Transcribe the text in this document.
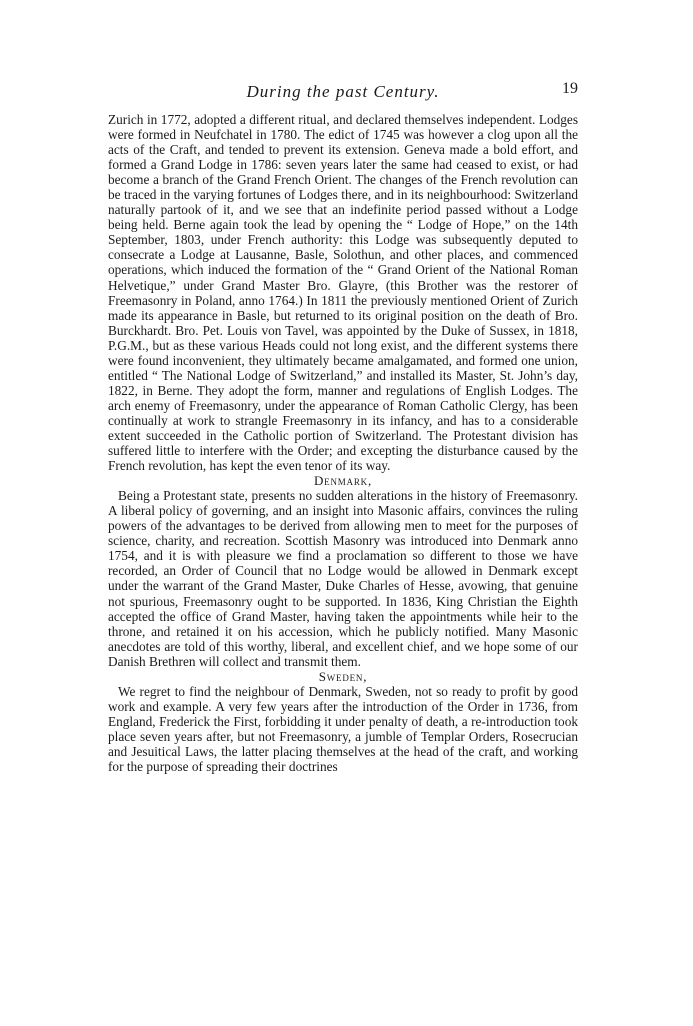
During the past Century.	19

Zurich in 1772, adopted a different ritual, and declared themselves independent. Lodges were formed in Neufchatel in 1780. The edict of 1745 was however a clog upon all the acts of the Craft, and tended to prevent its extension. Geneva made a bold effort, and formed a Grand Lodge in 1786: seven years later the same had ceased to exist, or had become a branch of the Grand French Orient. The changes of the French revolution can be traced in the varying fortunes of Lodges there, and in its neighbourhood: Switzerland naturally partook of it, and we see that an indefinite period passed without a Lodge being held. Berne again took the lead by opening the “ Lodge of Hope,” on the 14th September, 1803, under French authority: this Lodge was subsequently deputed to consecrate a Lodge at Lausanne, Basle, Solothun, and other places, and commenced operations, which induced the formation of the “ Grand Orient of the National Roman Helvetique,” under Grand Master Bro. Glayre, (this Brother was the restorer of Freemasonry in Poland, anno 1764.) In 1811 the previously mentioned Orient of Zurich made its appearance in Basle, but returned to its original position on the death of Bro. Burckhardt. Bro. Pet. Louis von Tavel, was appointed by the Duke of Sussex, in 1818, P.G.M., but as these various Heads could not long exist, and the different systems there were found inconvenient, they ultimately became amalgamated, and formed one union, entitled “ The National Lodge of Switzerland,” and installed its Master, St. John’s day, 1822, in Berne. They adopt the form, manner and regulations of English Lodges. The arch enemy of Freemasonry, under the appearance of Roman Catholic Clergy, has been continually at work to strangle Freemasonry in its infancy, and has to a considerable extent succeeded in the Catholic portion of Switzerland. The Protestant division has suffered little to interfere with the Order; and excepting the disturbance caused by the French revolution, has kept the even tenor of its way.

Denmark,

Being a Protestant state, presents no sudden alterations in the history of Freemasonry. A liberal policy of governing, and an insight into Masonic affairs, convinces the ruling powers of the advantages to be derived from allowing men to meet for the purposes of science, charity, and recreation. Scottish Masonry was introduced into Denmark anno 1754, and it is with pleasure we find a proclamation so different to those we have recorded, an Order of Council that no Lodge would be allowed in Denmark except under the warrant of the Grand Master, Duke Charles of Hesse, avowing, that genuine not spurious, Freemasonry ought to be supported. In 1836, King Christian the Eighth accepted the office of Grand Master, having taken the appointments while heir to the throne, and retained it on his accession, which he publicly notified. Many Masonic anecdotes are told of this worthy, liberal, and excellent chief, and we hope some of our Danish Brethren will collect and transmit them.

Sweden,

We regret to find the neighbour of Denmark, Sweden, not so ready to profit by good work and example. A very few years after the introduction of the Order in 1736, from England, Frederick the First, forbidding it under penalty of death, a re-introduction took place seven years after, but not Freemasonry, a jumble of Templar Orders, Rosecrucian and Jesuitical Laws, the latter placing themselves at the head of the craft, and working for the purpose of spreading their doctrines
